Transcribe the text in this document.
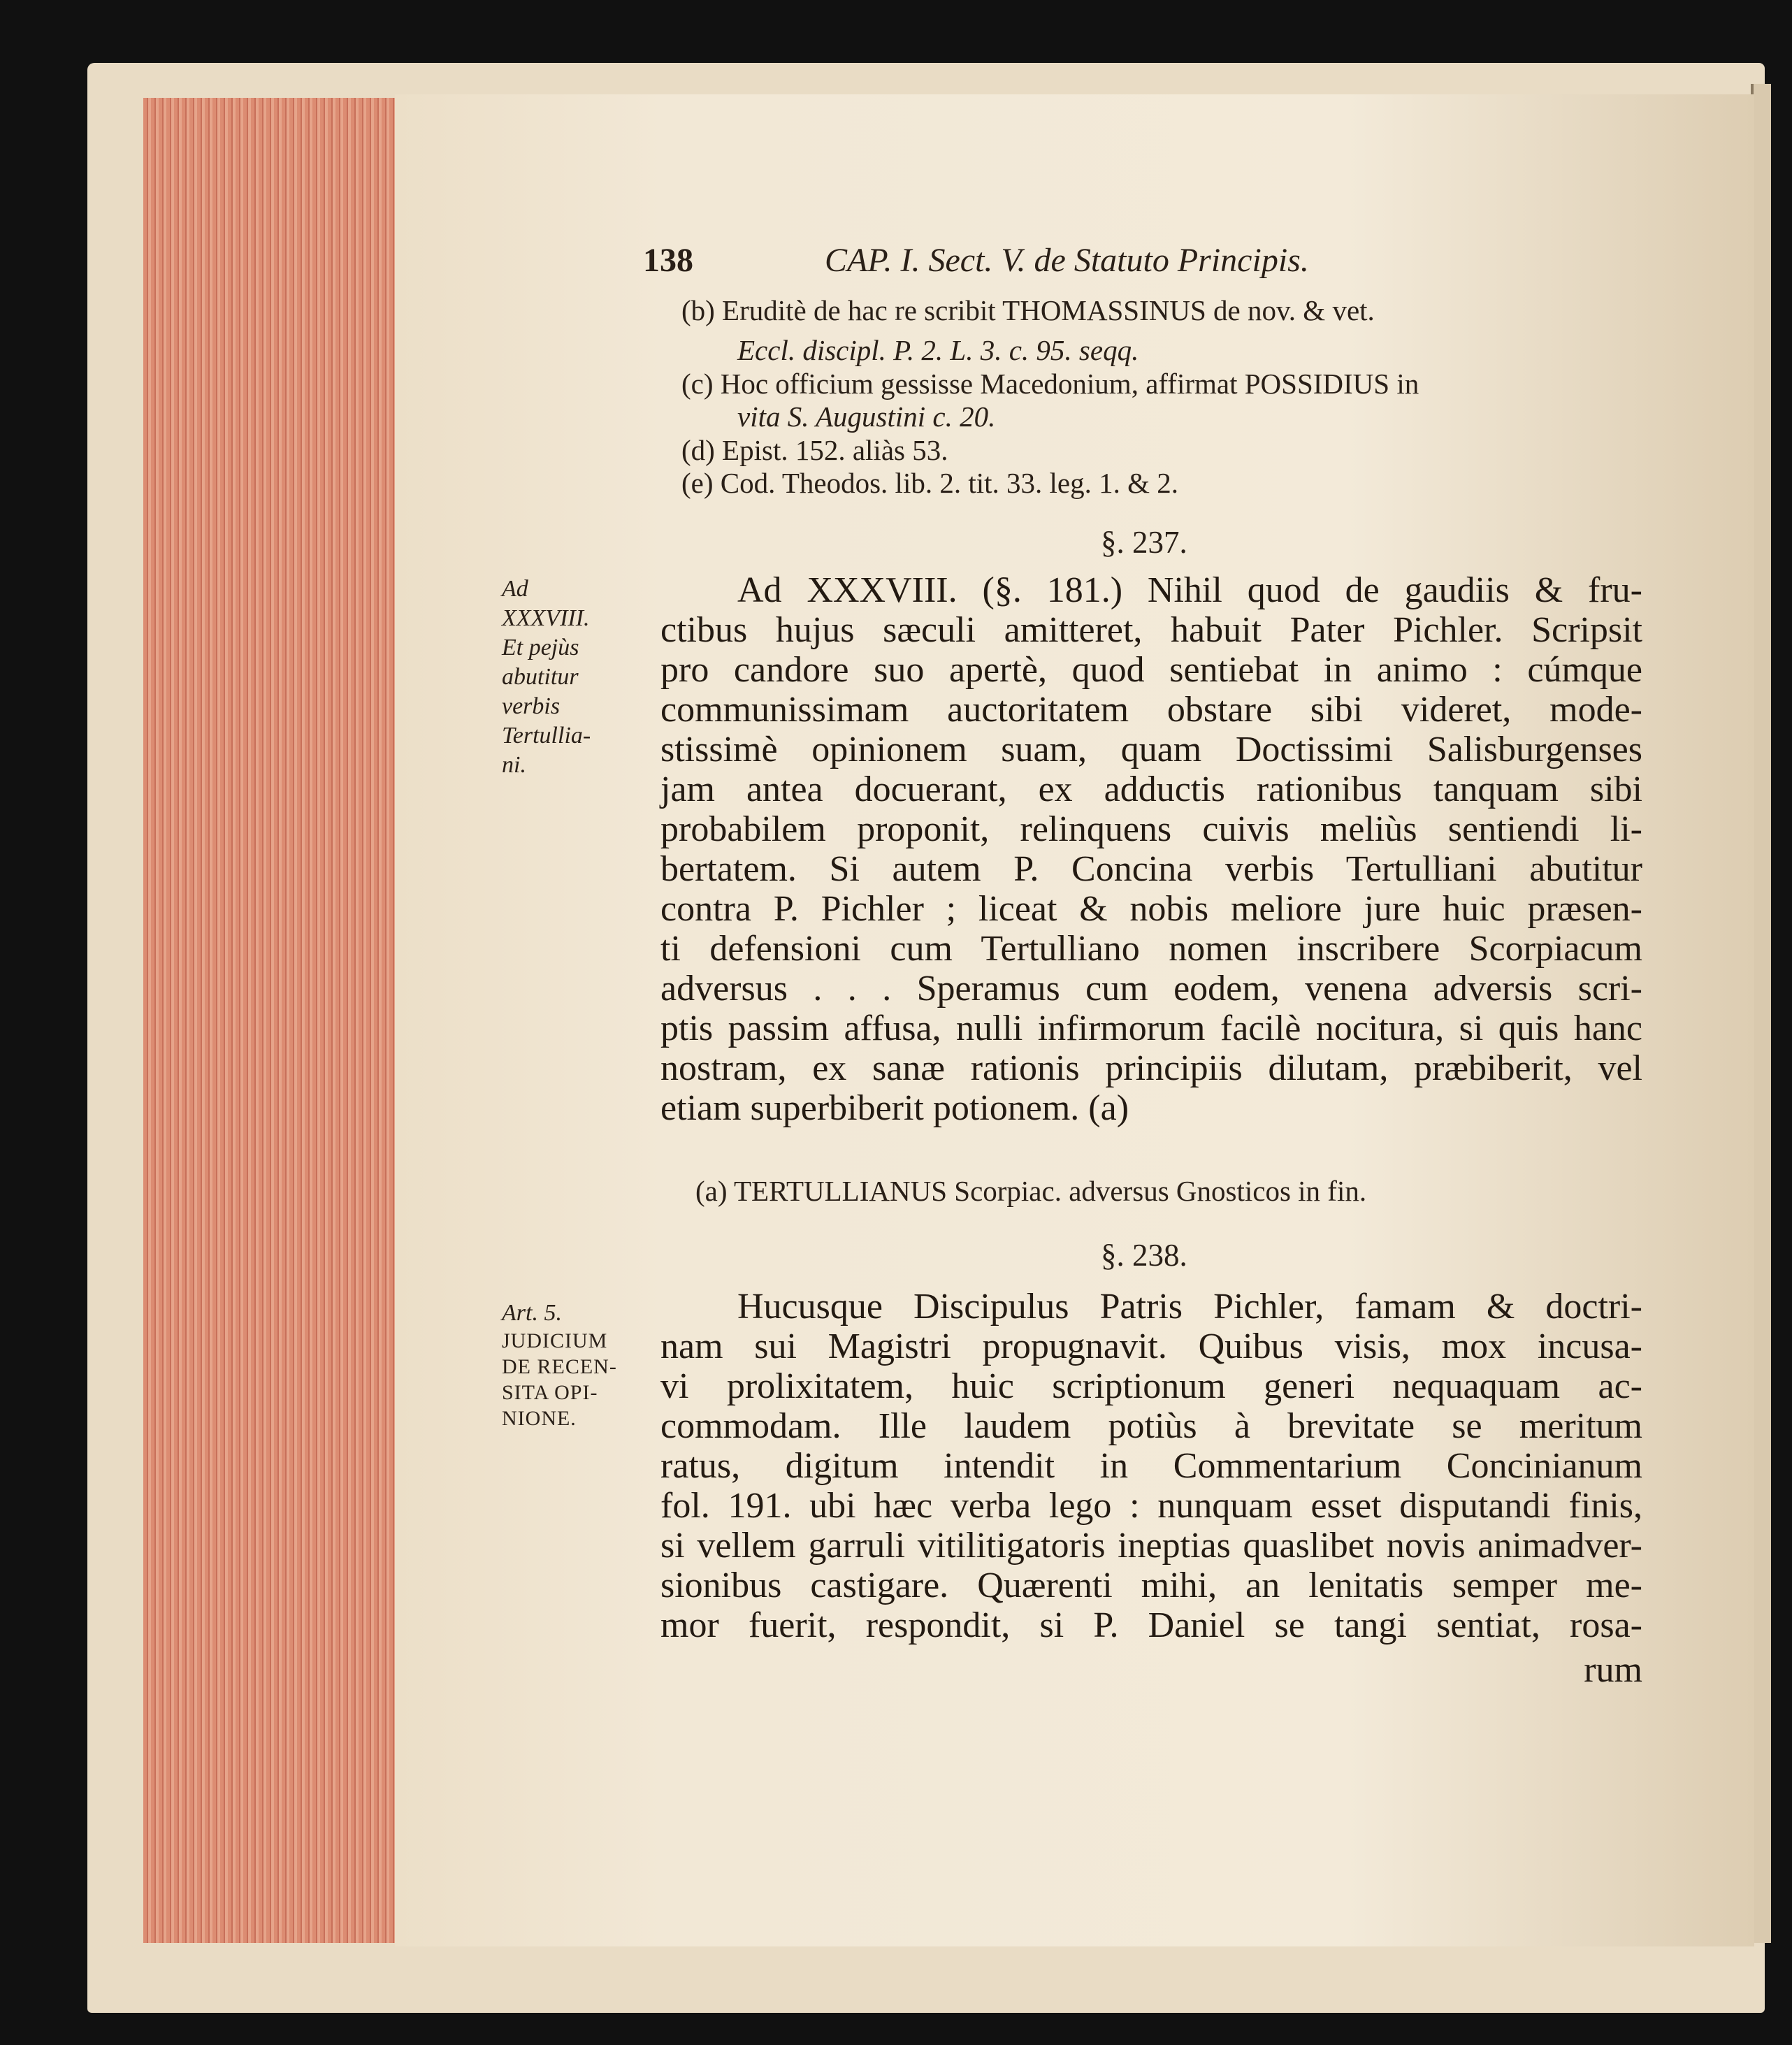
138	CAP. I. Sect. V. de Statuto Principis.
(b) Eruditè de hac re scribit THOMASSINUS de nov. & vet.
Eccl. discipl. P. 2. L. 3. c. 95. seqq.
(c) Hoc officium gessisse Macedonium, affirmat POSSIDIUS in
vita S. Augustini c. 20.
(d) Epist. 152. aliàs 53.
(e) Cod. Theodos. lib. 2. tit. 33. leg. 1. & 2.
§. 237.
Ad
XXXVIII.
Et pejùs
abutitur
verbis
Tertullia-
ni.
Ad XXXVIII. (§. 181.) Nihil quod de gaudiis & fru-
ctibus hujus sæculi amitteret, habuit Pater Pichler. Scripsit
pro candore suo apertè, quod sentiebat in animo : cúmque
communissimam auctoritatem obstare sibi videret, mode-
stissimè opinionem suam, quam Doctissimi Salisburgenses
jam antea docuerant, ex adductis rationibus tanquam sibi
probabilem proponit, relinquens cuivis meliùs sentiendi li-
bertatem. Si autem P. Concina verbis Tertulliani abutitur
contra P. Pichler ; liceat & nobis meliore jure huic præsen-
ti defensioni cum Tertulliano nomen inscribere Scorpiacum
adversus . . . Speramus cum eodem, venena adversis scri-
ptis passim affusa, nulli infirmorum facilè nocitura, si quis hanc
nostram, ex sanæ rationis principiis dilutam, præbiberit, vel
etiam superbiberit potionem. (a)
(a) TERTULLIANUS Scorpiac. adversus Gnosticos in fin.
§. 238.
Art. 5.
JUDICIUM
DE RECEN-
SITA OPI-
NIONE.
Hucusque Discipulus Patris Pichler, famam & doctri-
nam sui Magistri propugnavit. Quibus visis, mox incusa-
vi prolixitatem, huic scriptionum generi nequaquam ac-
commodam. Ille laudem potiùs à brevitate se meritum
ratus, digitum intendit in Commentarium Concinianum
fol. 191. ubi hæc verba lego : nunquam esset disputandi finis,
si vellem garruli vitilitigatoris ineptias quaslibet novis animadver-
sionibus castigare. Quærenti mihi, an lenitatis semper me-
mor fuerit, respondit, si P. Daniel se tangi sentiat, rosa-
rum
